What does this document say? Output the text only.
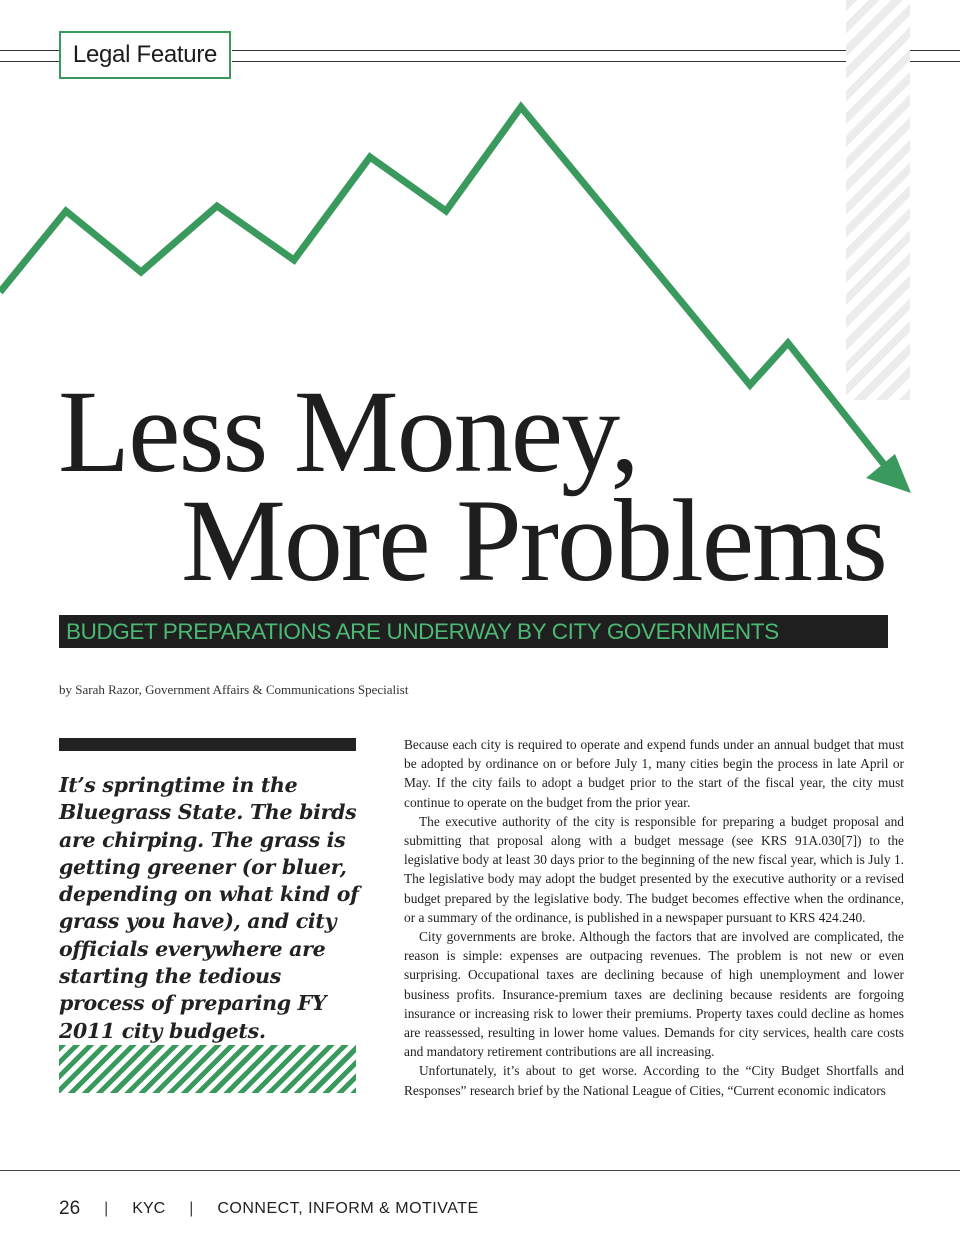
Legal Feature
Less Money,
More Problems
BUDGET PREPARATIONS ARE UNDERWAY BY CITY GOVERNMENTS
by Sarah Razor, Government Affairs & Communications Specialist
It’s springtime in the Bluegrass State. The birds are chirping. The grass is getting greener (or bluer, depending on what kind of grass you have), and city officials everywhere are starting the tedious process of preparing FY 2011 city budgets.

Because each city is required to operate and expend funds under an annual budget that must be adopted by ordinance on or before July 1, many cities begin the process in late April or May. If the city fails to adopt a budget prior to the start of the fiscal year, the city must continue to operate on the budget from the prior year.

The executive authority of the city is responsible for preparing a budget proposal and submitting that proposal along with a budget message (see KRS 91A.030[7]) to the legislative body at least 30 days prior to the beginning of the new fiscal year, which is July 1. The legislative body may adopt the budget presented by the executive authority or a revised budget prepared by the legislative body. The budget becomes effective when the ordinance, or a summary of the ordinance, is published in a newspaper pursuant to KRS 424.240.

City governments are broke. Although the factors that are involved are complicated, the reason is simple: expenses are outpacing revenues. The problem is not new or even surprising. Occupational taxes are declining because of high unemployment and lower business profits. Insurance-premium taxes are declining because residents are forgoing insurance or increasing risk to lower their premiums. Property taxes could decline as homes are reassessed, resulting in lower home values. Demands for city services, health care costs and mandatory retirement contributions are all increasing.

Unfortunately, it’s about to get worse. According to the “City Budget Shortfalls and Responses” research brief by the National League of Cities, “Current economic indicators

26 | KYC | CONNECT, INFORM & MOTIVATE
